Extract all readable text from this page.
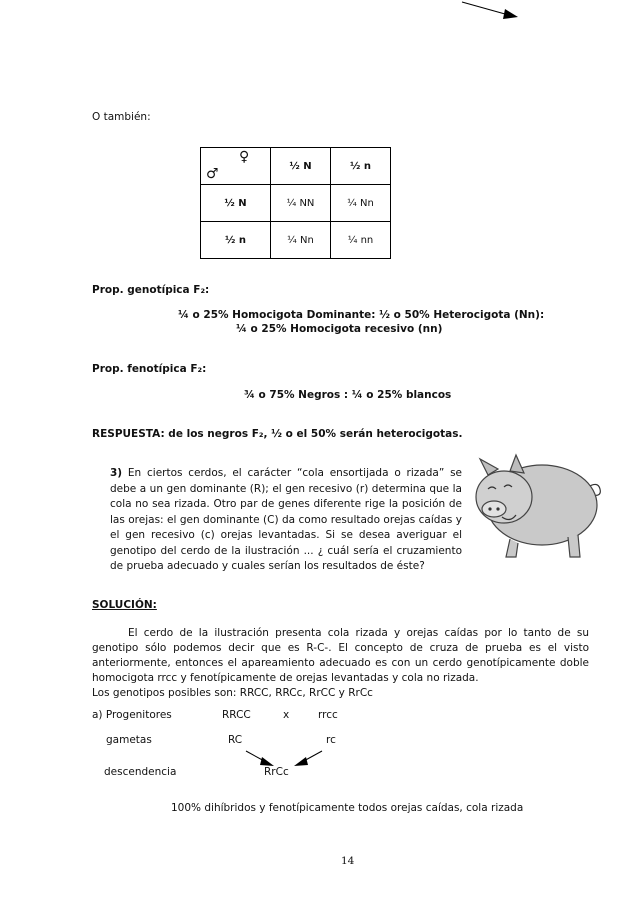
O también:

♀
♂	½ N	½ n
½ N	¼ NN	¼ Nn
½ n	¼ Nn	¼ nn

Prop. genotípica F₂:

¼ o 25% Homocigota Dominante: ½ o 50% Heterocigota (Nn):

¼ o 25% Homocigota recesivo (nn)

Prop. fenotípica F₂:

¾ o 75% Negros : ¼ o 25% blancos

RESPUESTA: de los negros F₂, ½ o el 50% serán heterocigotas.

3) En ciertos cerdos, el carácter “cola ensortijada o rizada” se
debe a un gen dominante (R); el gen recesivo (r) determina que la
cola no sea rizada. Otro par de genes diferente rige la posición de
las orejas: el gen dominante (C) da como resultado orejas caídas y
el gen recesivo (c) orejas levantadas. Si se desea averiguar el
genotipo del cerdo de la ilustración ... ¿ cuál sería el cruzamiento
de prueba adecuado y cuales serían los resultados de éste?

SOLUCIÓN:

El cerdo de la ilustración presenta cola rizada y orejas caídas por lo tanto de su
genotipo sólo podemos decir que es R-C-. El concepto de cruza de prueba es el visto
anteriormente, entonces el apareamiento adecuado es con un cerdo genotípicamente doble
homocigota rrcc y fenotípicamente de orejas levantadas y cola no rizada.
Los genotipos posibles son: RRCC, RRCc, RrCC y RrCc

a) Progenitores	RRCC	x	rrcc

gametas	RC	rc

descendencia	RrCc

100% dihíbridos y fenotípicamente todos orejas caídas, cola rizada

14
